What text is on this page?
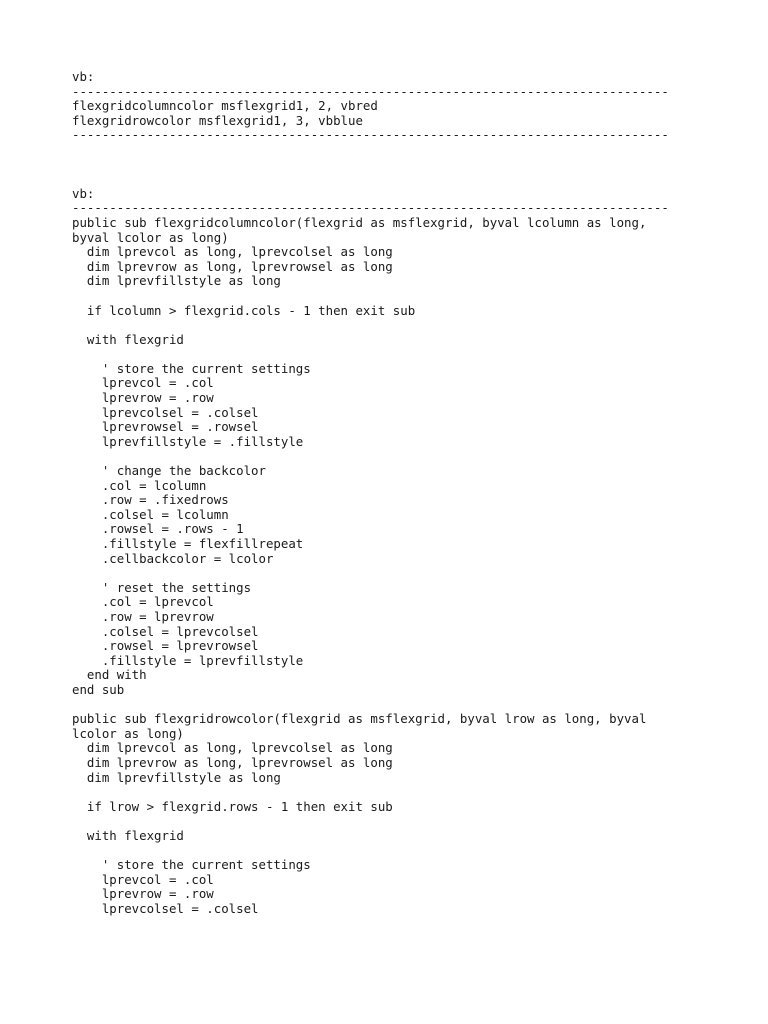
vb:
--------------------------------------------------------------------------------
flexgridcolumncolor msflexgrid1, 2, vbred
flexgridrowcolor msflexgrid1, 3, vbblue
--------------------------------------------------------------------------------
vb:
--------------------------------------------------------------------------------
public sub flexgridcolumncolor(flexgrid as msflexgrid, byval lcolumn as long,
byval lcolor as long)
dim lprevcol as long, lprevcolsel as long
dim lprevrow as long, lprevrowsel as long
dim lprevfillstyle as long
if lcolumn > flexgrid.cols - 1 then exit sub
with flexgrid
' store the current settings
lprevcol = .col
lprevrow = .row
lprevcolsel = .colsel
lprevrowsel = .rowsel
lprevfillstyle = .fillstyle
' change the backcolor
.col = lcolumn
.row = .fixedrows
.colsel = lcolumn
.rowsel = .rows - 1
.fillstyle = flexfillrepeat
.cellbackcolor = lcolor
' reset the settings
.col = lprevcol
.row = lprevrow
.colsel = lprevcolsel
.rowsel = lprevrowsel
.fillstyle = lprevfillstyle
end with
end sub
public sub flexgridrowcolor(flexgrid as msflexgrid, byval lrow as long, byval
lcolor as long)
dim lprevcol as long, lprevcolsel as long
dim lprevrow as long, lprevrowsel as long
dim lprevfillstyle as long
if lrow > flexgrid.rows - 1 then exit sub
with flexgrid
' store the current settings
lprevcol = .col
lprevrow = .row
lprevcolsel = .colsel
